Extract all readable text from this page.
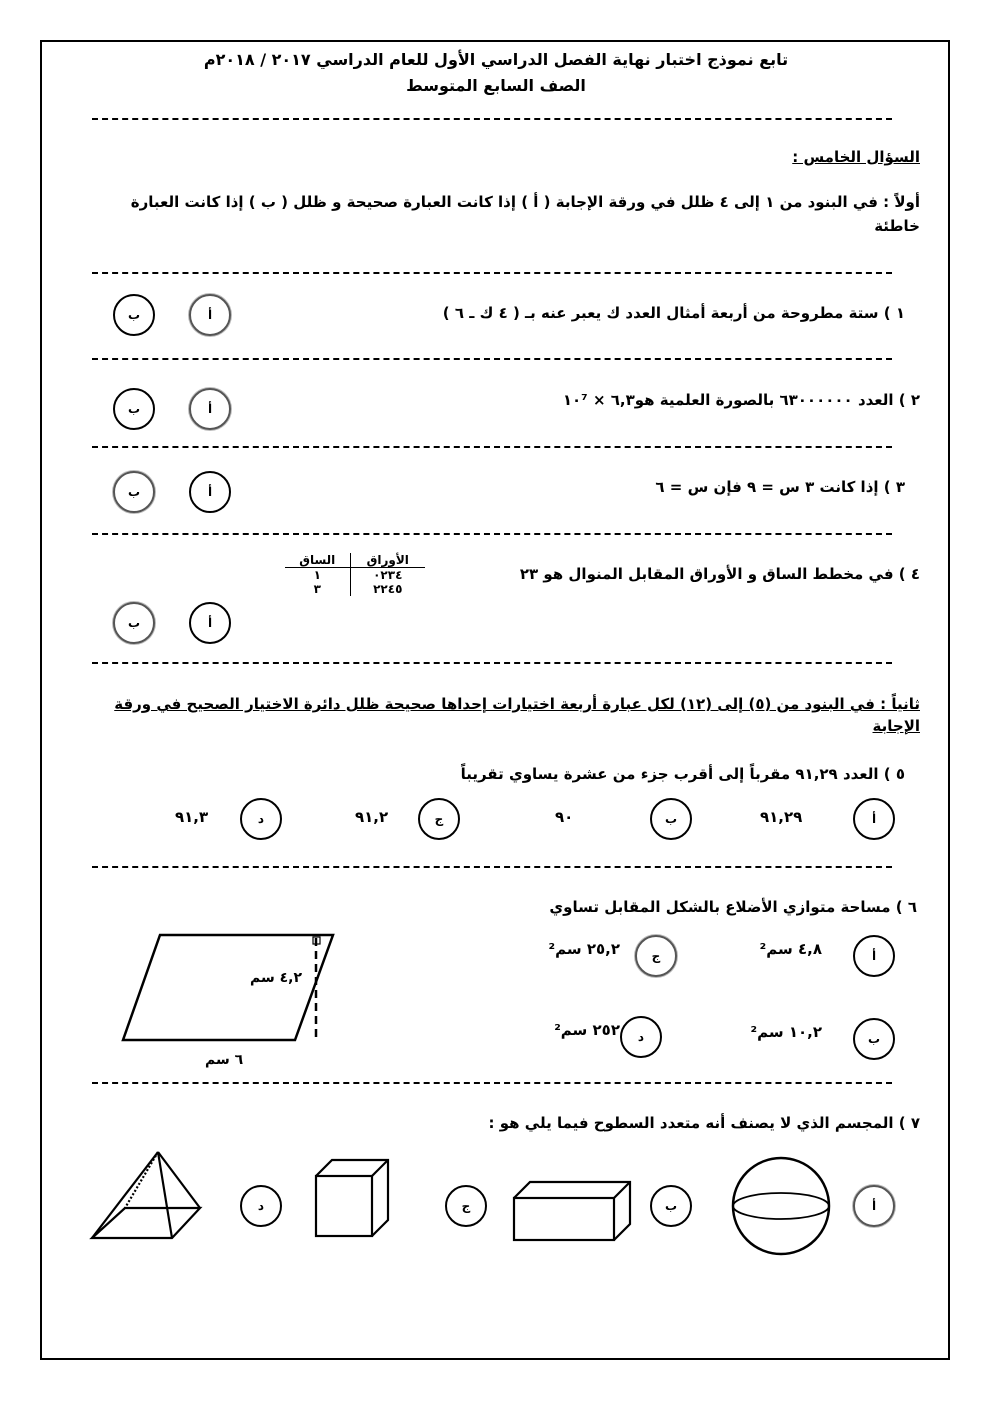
تابع نموذج اختبار نهاية الفصل الدراسي الأول للعام الدراسي ٢٠١٧ / ٢٠١٨م
الصف السابع المتوسط
السؤال الخامس :
أولاً : في البنود من ١ إلى ٤ ظلل في ورقة الإجابة ( أ ) إذا كانت العبارة صحيحة و ظلل ( ب ) إذا كانت العبارة خاطئة
١ ) ستة مطروحة من أربعة أمثال العدد ك يعبر عنه بـ ( ٤ ك ـ ٦ )
أ
ب
٢ ) العدد ٦٣٠٠٠٠٠٠ بالصورة العلمية هو٦,٣ × ١٠⁷
أ
ب
٣ ) إذا كانت ٣ س = ٩ فإن س = ٦
أ
ب
٤ ) في مخطط الساق و الأوراق المقابل المنوال هو ٢٣
الساق	الأوراق
١	٠٢٣٤
٣	٢٢٤٥
أ
ب
ثانياً : في البنود من (٥) إلى (١٢) لكل عبارة أربعة اختيارات إحداها صحيحة ظلل دائرة الاختيار الصحيح في ورقة الإجابة
٥ ) العدد ٩١,٢٩ مقرباً إلى أقرب جزء من عشرة يساوي تقريباً
أ
٩١,٢٩
ب
٩٠
ج
٩١,٢
د
٩١,٣
٦ ) مساحة متوازي الأضلاع بالشكل المقابل تساوي
أ
٤,٨ سم²
ج
٢٥,٢ سم²
ب
١٠,٢ سم²
د
٢٥٢ سم²
٤,٢ سم
٦ سم
٧ ) المجسم الذي لا يصنف أنه متعدد السطوح فيما يلي هو :
أ
ب
ج
د
